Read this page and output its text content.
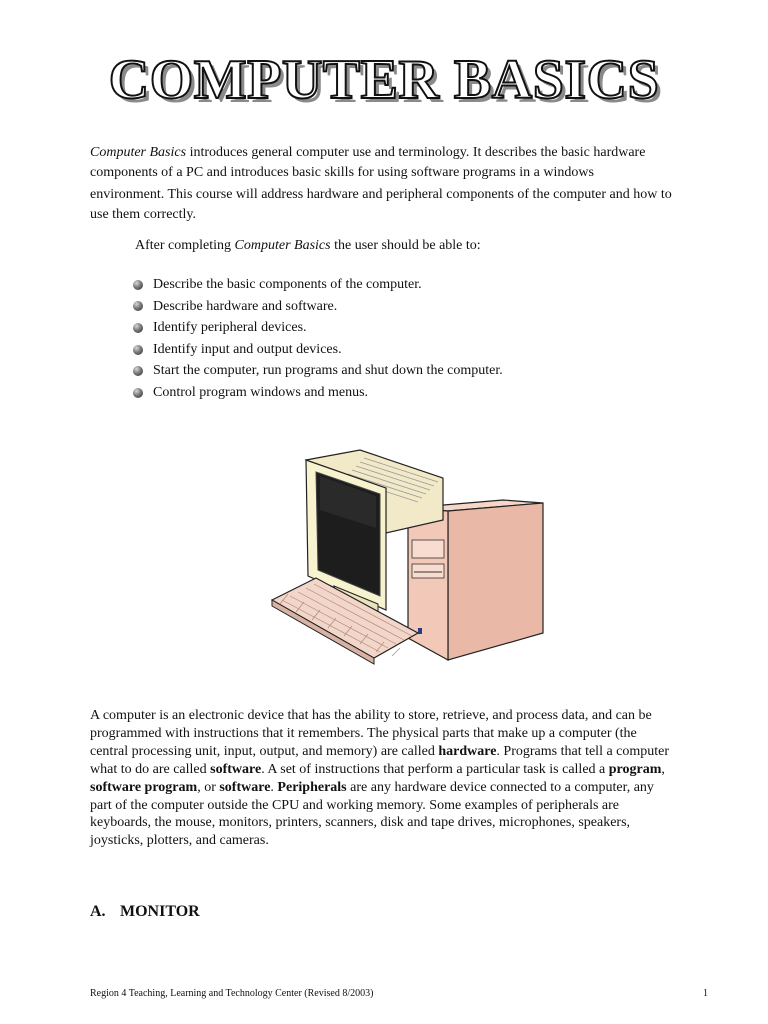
COMPUTER BASICS
Computer Basics introduces general computer use and terminology. It describes the basic hardware
components of a PC and introduces basic skills for using software programs in a windows
environment. This course will address hardware and peripheral components of the computer and how to
use them correctly.
After completing Computer Basics the user should be able to:
Describe the basic components of the computer.
Describe hardware and software.
Identify peripheral devices.
Identify input and output devices.
Start the computer, run programs and shut down the computer.
Control program windows and menus.
A computer is an electronic device that has the ability to store, retrieve, and process data, and can be
programmed with instructions that it remembers. The physical parts that make up a computer (the
central processing unit, input, output, and memory) are called hardware. Programs that tell a computer
what to do are called software. A set of instructions that perform a particular task is called a program,
software program, or software. Peripherals are any hardware device connected to a computer, any
part of the computer outside the CPU and working memory. Some examples of peripherals are
keyboards, the mouse, monitors, printers, scanners, disk and tape drives, microphones, speakers,
joysticks, plotters, and cameras.
A. MONITOR
Region 4 Teaching, Learning and Technology Center (Revised 8/2003)	1
